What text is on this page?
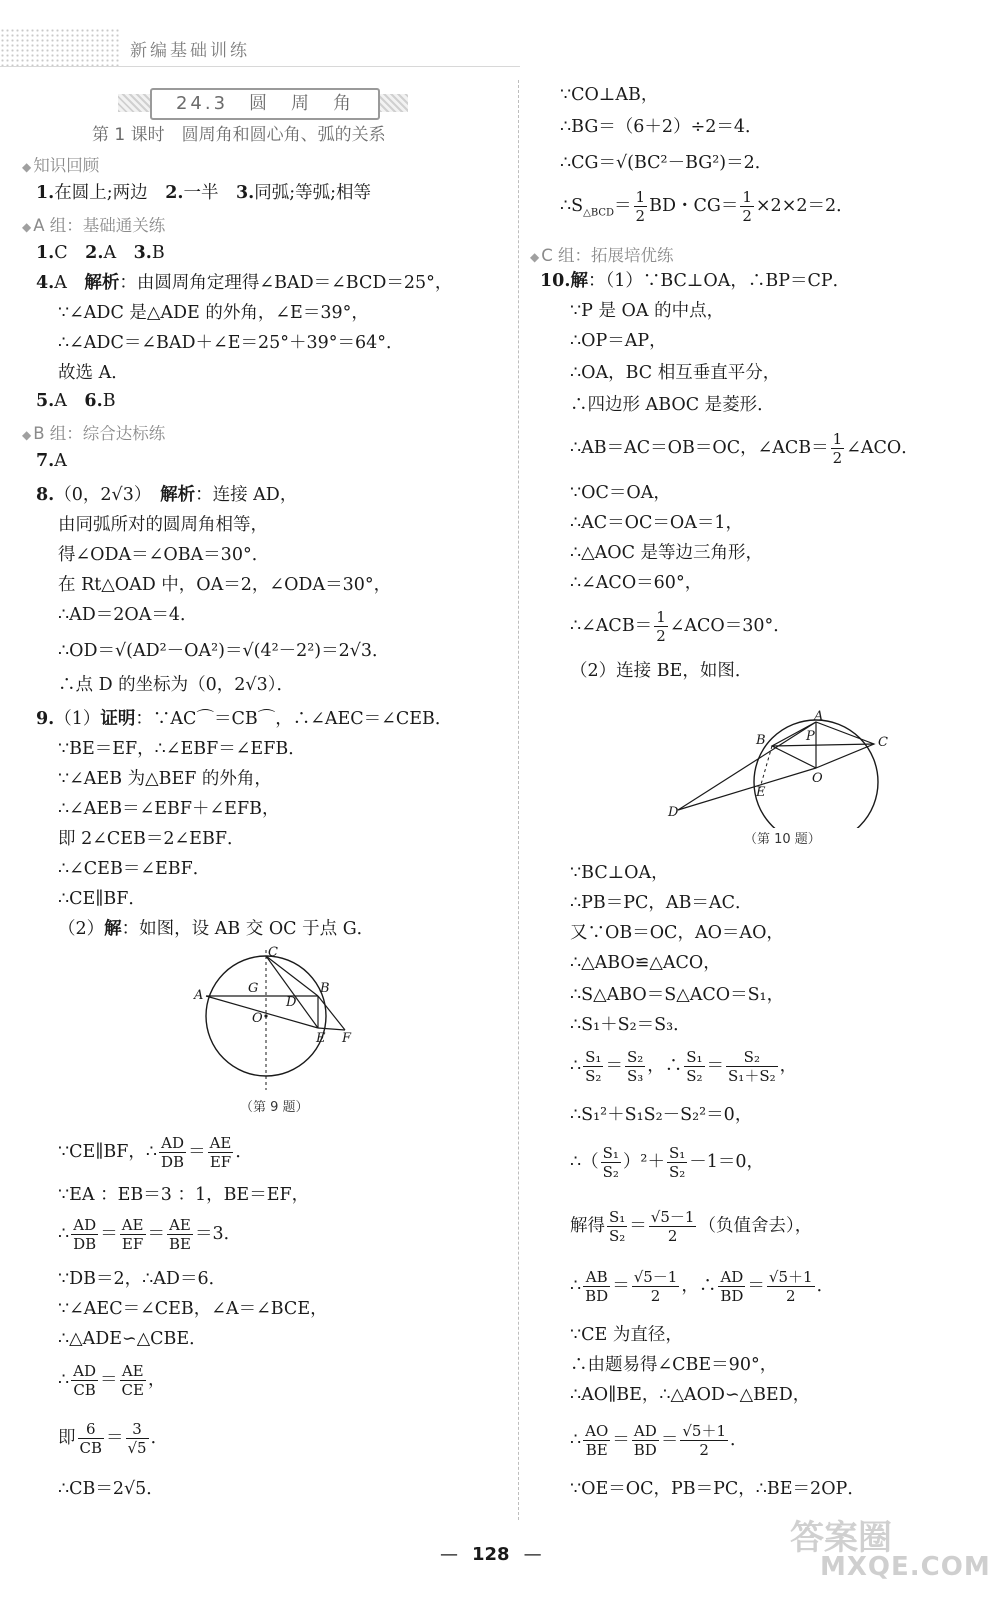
新编基础训练
24.3　圆　周　角
第 1 课时　圆周角和圆心角、弧的关系
◆ 知识回顾
1.在圆上;两边　2.一半　3.同弧;等弧;相等
◆ A 组：基础通关练
1.C　2.A　3.B
4.A　解析：由圆周角定理得∠BAD＝∠BCD＝25°，
∵∠ADC 是△ADE 的外角，∠E＝39°，
∴∠ADC＝∠BAD＋∠E＝25°＋39°＝64°．
故选 A．
5.A　6.B
◆ B 组：综合达标练
7.A
8.（0，2√3）　解析：连接 AD，
由同弧所对的圆周角相等，
得∠ODA＝∠OBA＝30°．
在 Rt△OAD 中，OA＝2，∠ODA＝30°，
∴AD＝2OA＝4．
∴OD＝√(AD²－OA²)＝√(4²－2²)＝2√3．
∴点 D 的坐标为（0，2√3）．
9.（1）证明：∵AC⌒＝CB⌒，∴∠AEC＝∠CEB．
∵BE＝EF，∴∠EBF＝∠EFB．
∵∠AEB 为△BEF 的外角，
∴∠AEB＝∠EBF＋∠EFB，
即 2∠CEB＝2∠EBF．
∴∠CEB＝∠EBF．
∴CE∥BF．
（2）解：如图，设 AB 交 OC 于点 G．
C
A	G	B
D
O
E F
（第 9 题）
∵CE∥BF，∴ $\frac{AD}{DB} = \frac{AE}{EF}$ ．
∵EA ：EB＝3 ：1，BE＝EF，
∴ $\frac{AD}{DB} = \frac{AE}{EF} = \frac{AE}{BE} =3$．
∵DB＝2，∴AD＝6．
∵∠AEC＝∠CEB，∠A＝∠BCE，
∴△ADE∽△CBE．
∴ $\frac{AD}{CB} = \frac{AE}{CE}$ ，
即 $\frac{6}{CB} = \frac{3}{√5}$ ．
∴CB＝2√5．
∵CO⊥AB，
∴BG＝（6＋2）÷2＝4．
∴CG＝√(BC²－BG²)＝2．
$\therefore S_{\triangle BCD}= \frac{1}{2}$ BD・$CG= \frac{1}{2} \times 2\times 2=2$．
◆ C 组：拓展培优练
10.解：（1）∵BC⊥OA，∴BP＝CP．
∵P 是 OA 的中点，
∴OP＝AP，
∴OA，BC 相互垂直平分，
∴四边形 ABOC 是菱形．
∴AB＝AC＝OB＝OC，∠ACB＝ $\frac{1}{2}$ ∠ACO．
∵OC＝OA，
∴AC＝OC＝OA＝1，
∴△AOC 是等边三角形，
∴∠ACO＝60°，
∴∠ACB＝ $\frac{1}{2}$ ∠ACO＝30°．
（2）连接 BE，如图．
A
B	C
P
O
E
D
（第 10 题）
∵BC⊥OA，
∴PB＝PC，AB＝AC．
又∵OB＝OC，AO＝AO，
∴△ABO≌△ACO，
∴S△ABO＝S△ACO＝S₁，
∴S₁＋S₂＝S₃．
∴ $\frac{\text{S₁}}{\text{S₂}} = \frac{\text{S₂}}{\text{S₃}}$ ，∴ $\frac{\text{S₁}}{\text{S₂}} = \frac{\text{S₂}}{\text{S₁＋S₂}}$ ，
∴S₁²＋S₁S₂－S₂²＝0，
∴（ $\frac{\text{S₁}}{\text{S₂}} )^2+ \frac{\text{S₁}}{\text{S₂}} -1=0$，
解得 $\frac{\text{S₁}}{\text{S₂}} = \frac{√5-1}{2}$ （负值舍去），
∴ $\frac{AB}{BD} = \frac{√5-1}{2}$ ，∴ $\frac{AD}{BD} = \frac{√5+1}{2}$ ．
∵CE 为直径，
∴由题易得∠CBE＝90°，
∴AO∥BE，∴△AOD∽△BED，
∴ $\frac{AO}{BE} = \frac{AD}{BD} = \frac{√5+1}{2}$ ．
∵OE＝OC，PB＝PC，∴BE＝2OP．
— 128 —	答案圈
MXQE.COM
